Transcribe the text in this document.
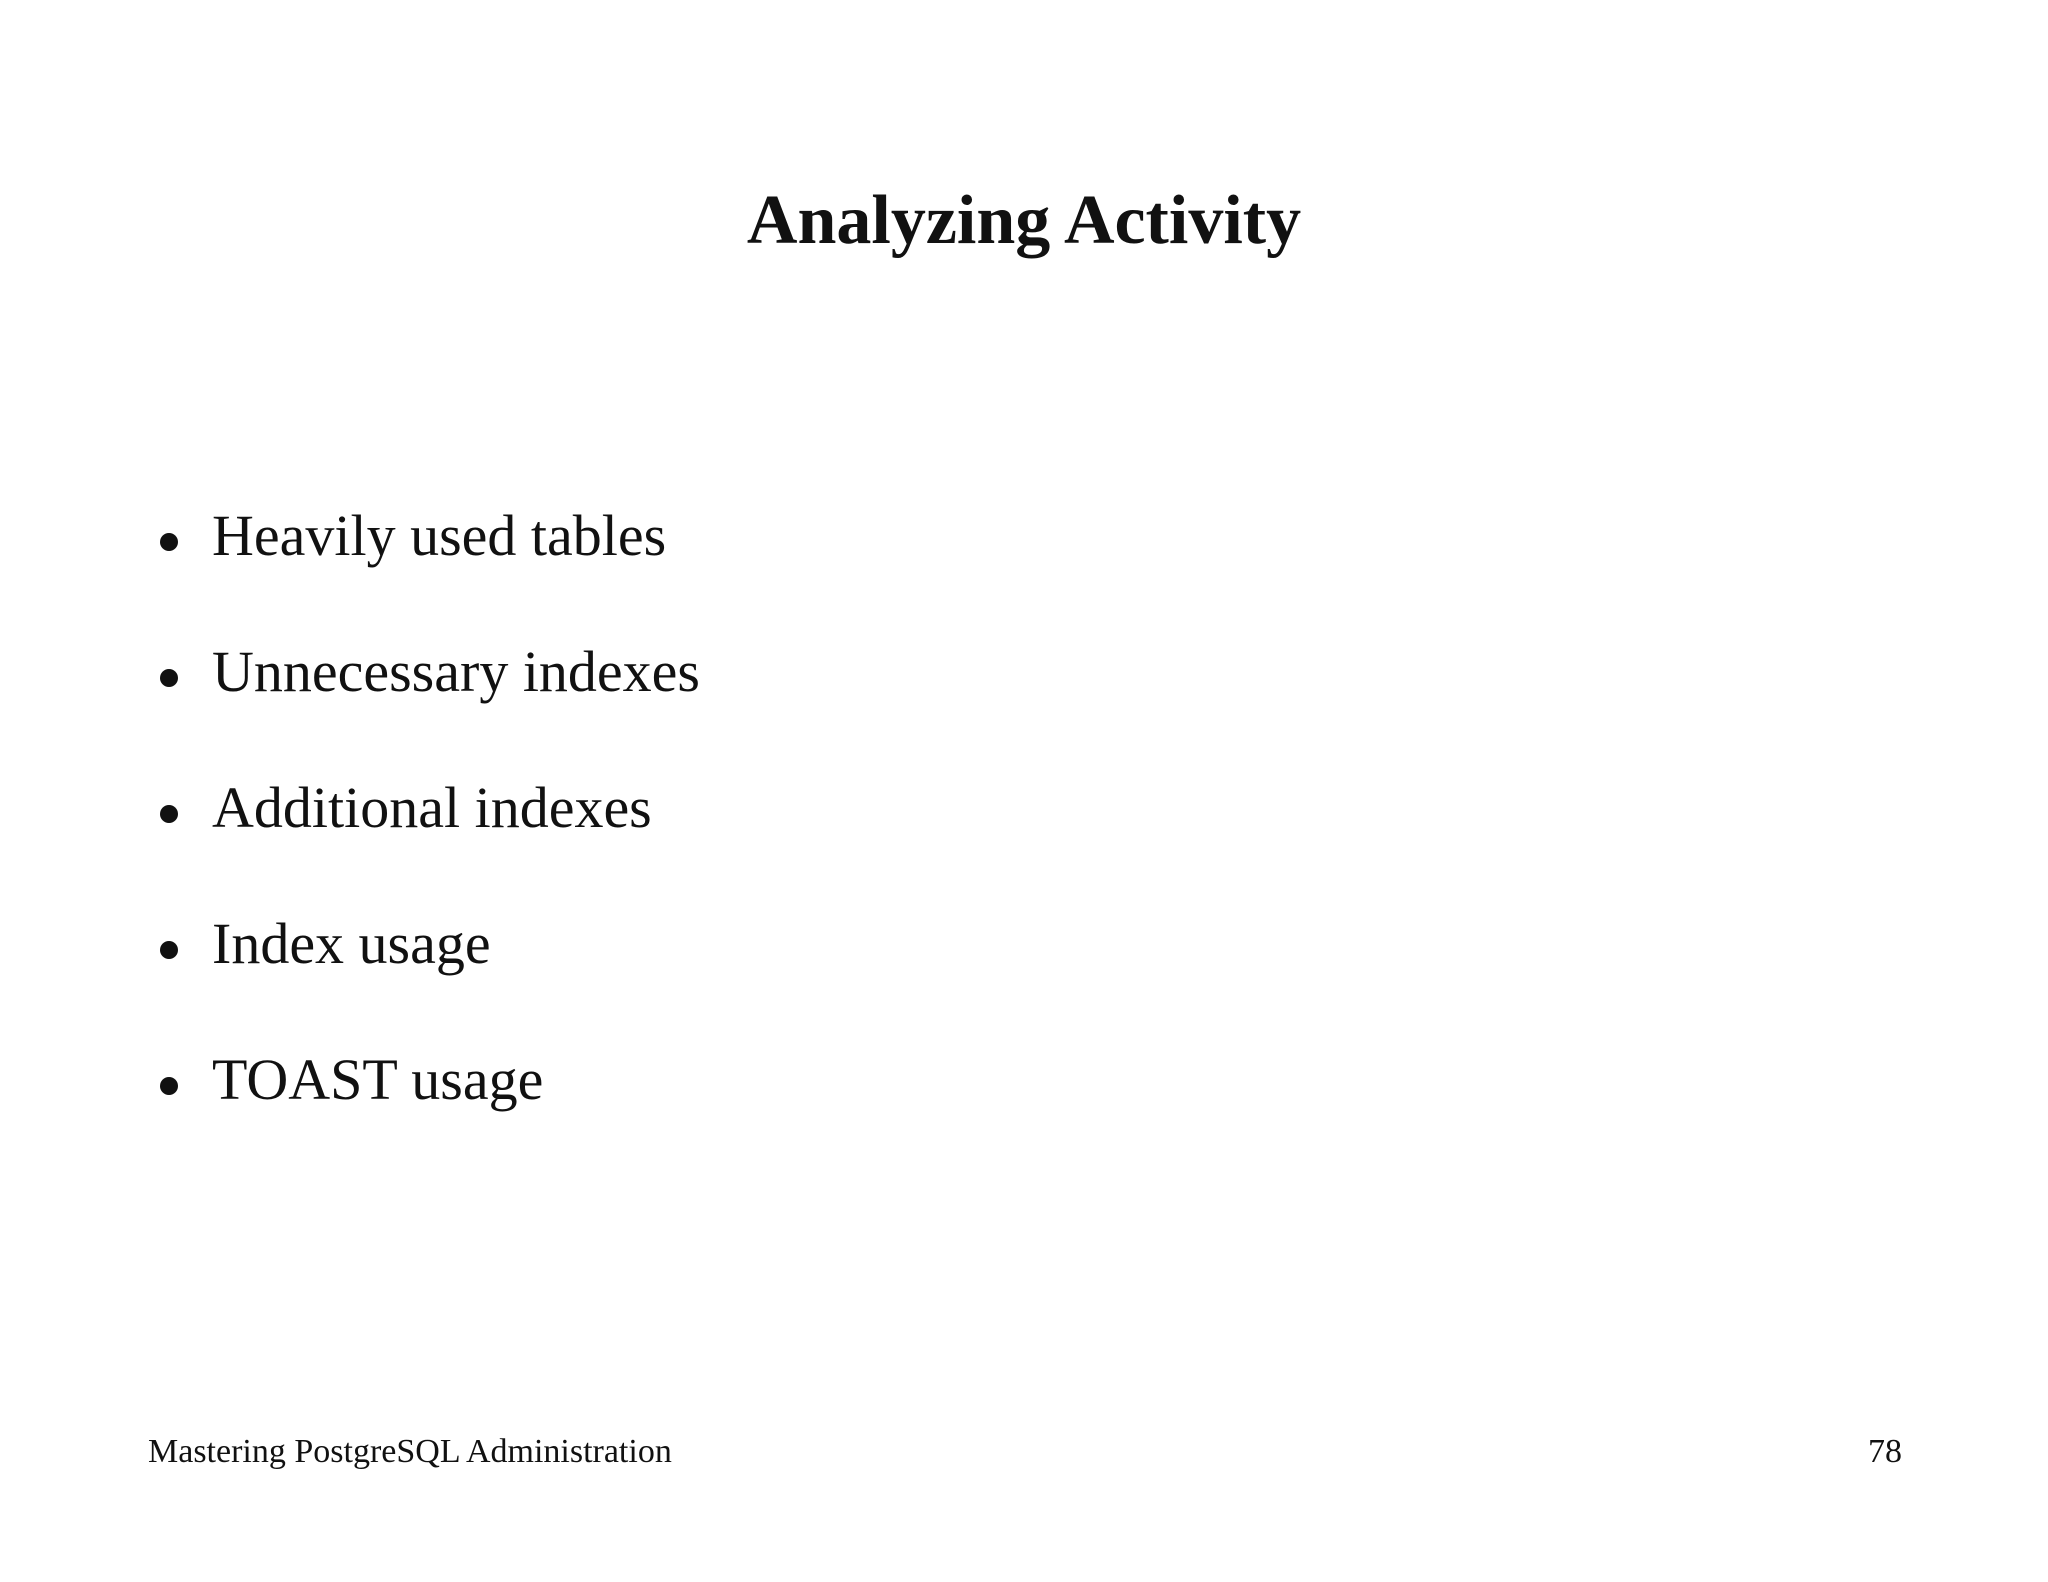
Analyzing Activity
Heavily used tables
Unnecessary indexes
Additional indexes
Index usage
TOAST usage
Mastering PostgreSQL Administration	78
